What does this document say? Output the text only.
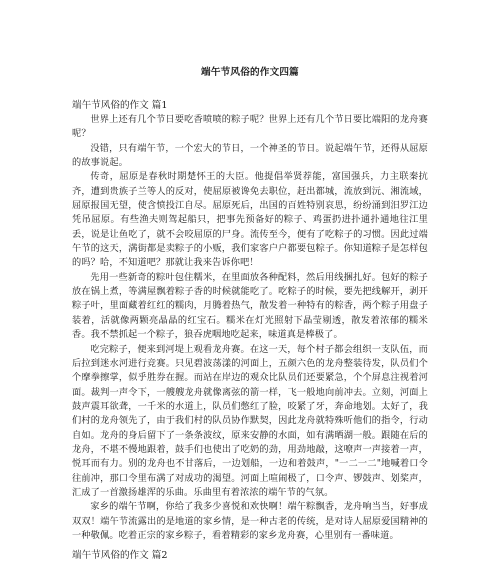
端午节风俗的作文四篇
端午节风俗的作文 篇1

世界上还有几个节日要吃香喷喷的粽子呢？世界上还有几个节日要比端阳的龙舟赛呢？

没错，只有端午节，一个宏大的节日，一个神圣的节日。说起端午节，还得从屈原的故事说起。

传奇，屈原是春秋时期楚怀王的大臣。他提倡举贤荐能，富国强兵，力主联秦抗齐，遭到贵族子兰等人的反对，使屈原被谗免去职位，赶出都城，流放到沅、湘流域，屈原报国无望，使含愤投江自尽。屈原死后，出国的百姓特别哀思，纷纷涌到汨罗江边凭吊屈原。有些渔夫则驾起船只，把事先预备好的粽子、鸡蛋扔进扑通扑通地往江里丢，说是让鱼吃了，就不会咬屈原的尸身。流传至今，便有了吃粽子的习惯。因此过端午节的这天，满街都是卖粽子的小贩，我们家客户户都要包粽子。你知道粽子是怎样包的吗？哈，不知道吧？那就让我来告诉你吧！

先用一些新奇的粽叶包住糯米，在里面放各种配料，然后用线捆扎好。包好的粽子放在锅上煮，等满屋飘着粽子香的时候就能吃了。吃粽子的时候，要先把线解开，剥开粽子叶，里面藏着红红的糯肉，月腾着热气，散发着一种特有的粽香，两个粽子用盘子装着，活就像两颗亮晶晶的红宝石。糯米在灯光照射下晶莹剔透，散发着浓郁的糯米香。我不禁抓起一个粽子，狼吞虎咽地吃起来，味道真是棒极了。

吃完粽子，便来到河堤上观看龙舟赛。在这一天，每个村子都会组织一支队伍，而后拉到迷水河进行竞赛。只见碧波荡漾的河面上，五颜六色的龙舟整装待发，队员们个个摩拳擦掌，似乎胜券在握。而站在岸边的观众比队员们还要紧急，个个屏息注视着河面。裁判一声令下，一艘艘龙舟就像离弦的箭一样，飞一般地向前冲去。立刻，河面上鼓声震耳欲聋，一千米的水道上，队员们憋红了脸，咬紧了牙，奔命地划。太好了，我们村的龙舟领先了，由于我们村的队员协作默契，因此龙舟就特殊听他们的指令，行动自如。龙舟的身后留下了一条条波纹，原来安静的水面，如有满晒湖一般。跟随在后的龙舟，不堪不慢地跟着，鼓手们也使出了吃奶的劲，用劲地敲，这嘹声一声接着一声，悦耳而有力。别的龙舟也不甘落后，一边划船，一边和着鼓声，"一二一二"地喊着口令往前冲，那口令里布满了对成功的渴望。河面上喧闹极了，口令声、锣鼓声、划桨声，汇成了一首激扬雄浑的乐曲。乐曲里有着浓浓的端午节的气氛。

家乡的端午节啊，你给了我多少喜悦和欢快啊！端午粽飘香，龙舟响当当，好事成双双！端午节流露出的是地道的家乡情，是一种古老的传统，是对诗人屈原爱国精神的一种敬佩。吃着正宗的家乡粽子，看着精彩的家乡龙舟赛，心里别有一番味道。

端午节风俗的作文 篇2
